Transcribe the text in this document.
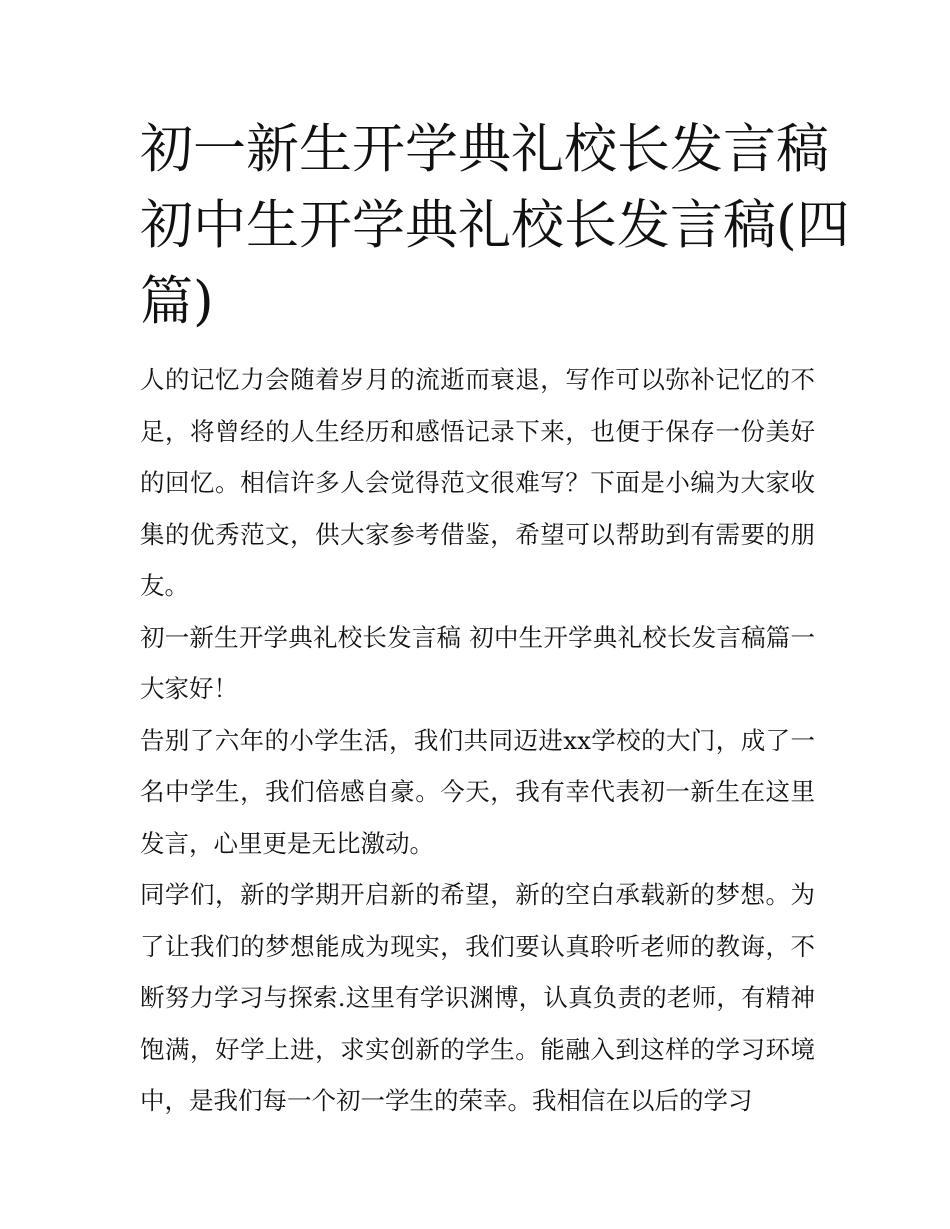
初一新生开学典礼校长发言稿
初中生开学典礼校长发言稿(四
篇)

人的记忆力会随着岁月的流逝而衰退，写作可以弥补记忆的不足，将曾经的人生经历和感悟记录下来，也便于保存一份美好的回忆。相信许多人会觉得范文很难写？下面是小编为大家收集的优秀范文，供大家参考借鉴，希望可以帮助到有需要的朋友。

初一新生开学典礼校长发言稿 初中生开学典礼校长发言稿篇一 大家好！

告别了六年的小学生活，我们共同迈进xx学校的大门，成了一名中学生，我们倍感自豪。今天，我有幸代表初一新生在这里发言，心里更是无比激动。

同学们，新的学期开启新的希望，新的空白承载新的梦想。为了让我们的梦想能成为现实，我们要认真聆听老师的教诲，不断努力学习与探索.这里有学识渊博，认真负责的老师，有精神饱满，好学上进，求实创新的学生。能融入到这样的学习环境中，是我们每一个初一学生的荣幸。我相信在以后的学习
